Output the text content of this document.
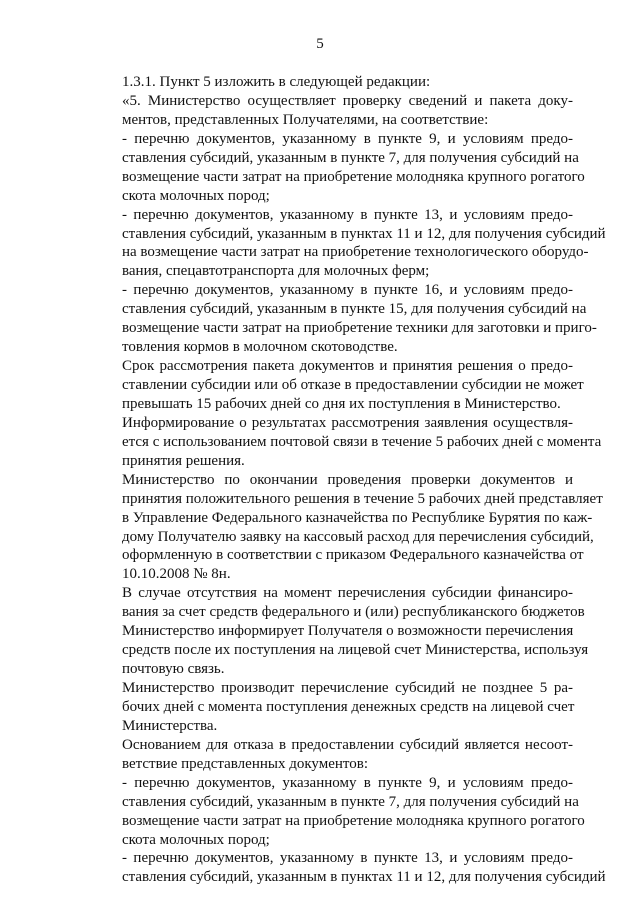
5
1.3.1. Пункт 5 изложить в следующей редакции:
«5. Министерство осуществляет проверку сведений и пакета доку-
ментов, представленных Получателями, на соответствие:
- перечню документов, указанному в пункте 9, и условиям предо-
ставления субсидий, указанным в пункте 7, для получения субсидий на
возмещение части затрат на приобретение молодняка крупного рогатого
скота молочных пород;
- перечню документов, указанному в пункте 13, и условиям предо-
ставления субсидий, указанным в пунктах 11 и 12, для получения субсидий
на возмещение части затрат на приобретение технологического оборудо-
вания, спецавтотранспорта для молочных ферм;
- перечню документов, указанному в пункте 16, и условиям предо-
ставления субсидий, указанным в пункте 15, для получения субсидий на
возмещение части затрат на приобретение техники для заготовки и приго-
товления кормов в молочном скотоводстве.
Срок рассмотрения пакета документов и принятия решения о предо-
ставлении субсидии или об отказе в предоставлении субсидии не может
превышать 15 рабочих дней со дня их поступления в Министерство.
Информирование о результатах рассмотрения заявления осуществля-
ется с использованием почтовой связи в течение 5 рабочих дней с момента
принятия решения.
Министерство по окончании проведения проверки документов и
принятия положительного решения в течение 5 рабочих дней представляет
в Управление Федерального казначейства по Республике Бурятия по каж-
дому Получателю заявку на кассовый расход для перечисления субсидий,
оформленную в соответствии с приказом Федерального казначейства от
10.10.2008 № 8н.
В случае отсутствия на момент перечисления субсидии финансиро-
вания за счет средств федерального и (или) республиканского бюджетов
Министерство информирует Получателя о возможности перечисления
средств после их поступления на лицевой счет Министерства, используя
почтовую связь.
Министерство производит перечисление субсидий не позднее 5 ра-
бочих дней с момента поступления денежных средств на лицевой счет
Министерства.
Основанием для отказа в предоставлении субсидий является несоот-
ветствие представленных документов:
- перечню документов, указанному в пункте 9, и условиям предо-
ставления субсидий, указанным в пункте 7, для получения субсидий на
возмещение части затрат на приобретение молодняка крупного рогатого
скота молочных пород;
- перечню документов, указанному в пункте 13, и условиям предо-
ставления субсидий, указанным в пунктах 11 и 12, для получения субсидий
